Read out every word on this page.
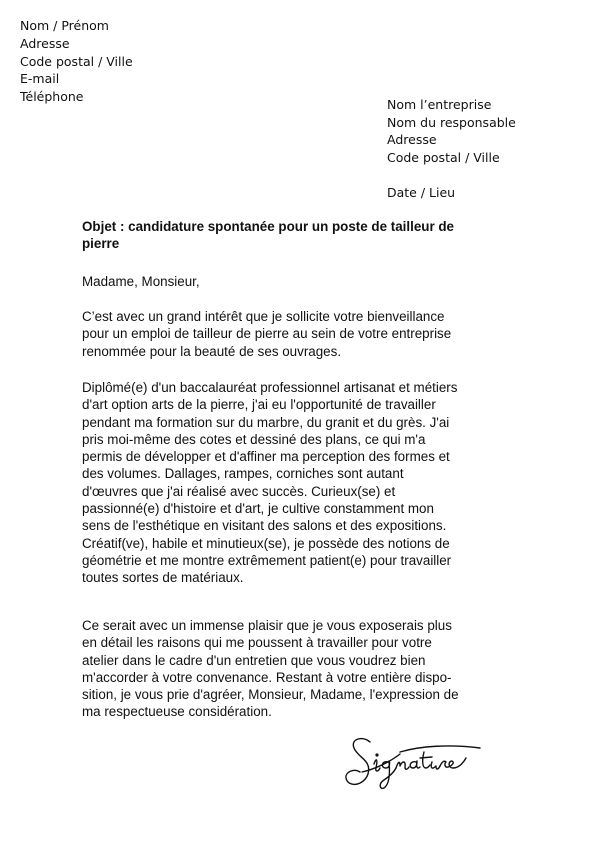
Nom / Prénom
Adresse
Code postal / Ville
E-mail
Téléphone
Nom l’entreprise
Nom du responsable
Adresse
Code postal / Ville
Date / Lieu
Objet : candidature spontanée pour un poste de tailleur de
pierre
Madame, Monsieur,
C’est avec un grand intérêt que je sollicite votre bienveillance
pour un emploi de tailleur de pierre au sein de votre entreprise
renommée pour la beauté de ses ouvrages.
Diplômé(e) d'un baccalauréat professionnel artisanat et métiers
d'art option arts de la pierre, j'ai eu l'opportunité de travailler
pendant ma formation sur du marbre, du granit et du grès. J'ai
pris moi-même des cotes et dessiné des plans, ce qui m'a
permis de développer et d'affiner ma perception des formes et
des volumes. Dallages, rampes, corniches sont autant
d'œuvres que j'ai réalisé avec succès. Curieux(se) et
passionné(e) d'histoire et d'art, je cultive constamment mon
sens de l'esthétique en visitant des salons et des expositions.
Créatif(ve), habile et minutieux(se), je possède des notions de
géométrie et me montre extrêmement patient(e) pour travailler
toutes sortes de matériaux.
Ce serait avec un immense plaisir que je vous exposerais plus
en détail les raisons qui me poussent à travailler pour votre
atelier dans le cadre d'un entretien que vous voudrez bien
m'accorder à votre convenance. Restant à votre entière dispo-
sition, je vous prie d'agréer, Monsieur, Madame, l'expression de
ma respectueuse considération.
